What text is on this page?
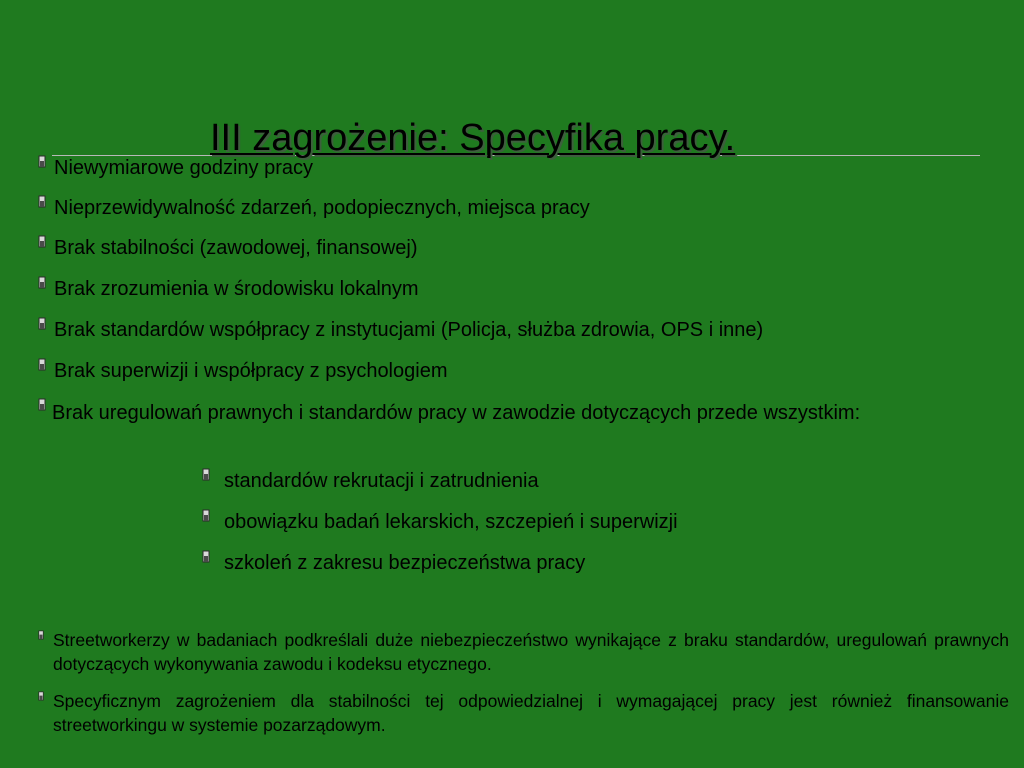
III zagrożenie: Specyfika pracy.
Niewymiarowe godziny pracy
Nieprzewidywalność zdarzeń, podopiecznych, miejsca pracy
Brak stabilności (zawodowej, finansowej)
Brak zrozumienia w środowisku lokalnym
Brak standardów współpracy z instytucjami (Policja, służba zdrowia, OPS i inne)
Brak superwizji i współpracy z psychologiem
Brak uregulowań prawnych i standardów pracy w zawodzie dotyczących przede wszystkim:
standardów rekrutacji i zatrudnienia
obowiązku badań lekarskich, szczepień i superwizji
szkoleń z zakresu bezpieczeństwa pracy
Streetworkerzy w badaniach podkreślali duże niebezpieczeństwo wynikające z braku standardów, uregulowań prawnych dotyczących wykonywania zawodu i kodeksu etycznego.
Specyficznym zagrożeniem dla stabilności tej odpowiedzialnej i wymagającej pracy jest również finansowanie streetworkingu w systemie pozarządowym.
